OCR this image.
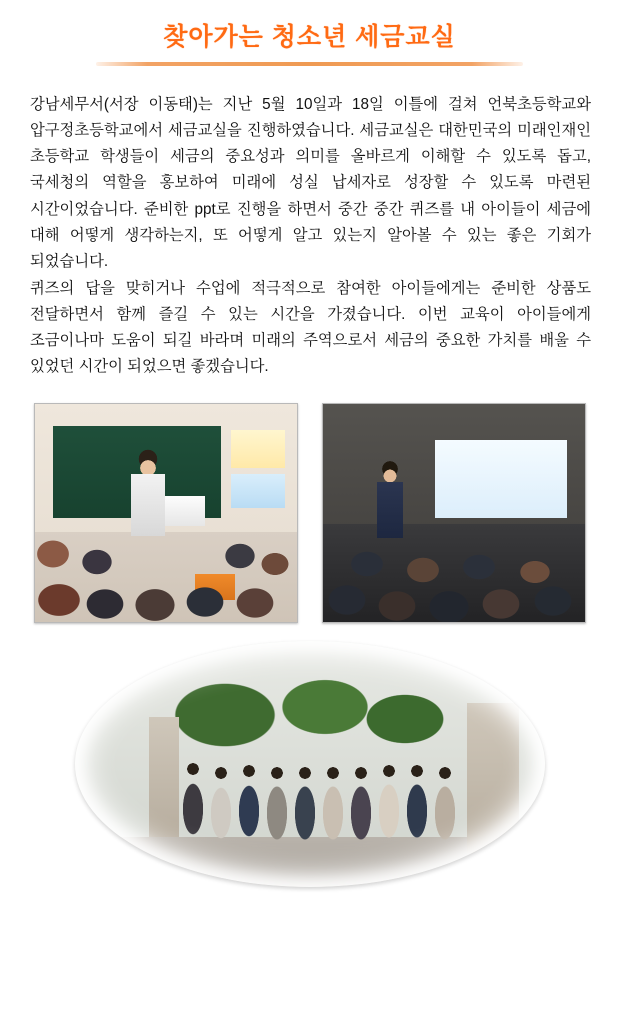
찾아가는 청소년 세금교실

강남세무서(서장 이동태)는 지난 5월 10일과 18일 이틀에 걸쳐 언북초등학교와 압구정초등학교에서 세금교실을 진행하였습니다. 세금교실은 대한민국의 미래인재인 초등학교 학생들이 세금의 중요성과 의미를 올바르게 이해할 수 있도록 돕고, 국세청의 역할을 홍보하여 미래에 성실 납세자로 성장할 수 있도록 마련된 시간이었습니다. 준비한 ppt로 진행을 하면서 중간 중간 퀴즈를 내 아이들이 세금에 대해 어떻게 생각하는지, 또 어떻게 알고 있는지 알아볼 수 있는 좋은 기회가 되었습니다.

퀴즈의 답을 맞히거나 수업에 적극적으로 참여한 아이들에게는 준비한 상품도 전달하면서 함께 즐길 수 있는 시간을 가졌습니다. 이번 교육이 아이들에게 조금이나마 도움이 되길 바라며 미래의 주역으로서 세금의 중요한 가치를 배울 수 있었던 시간이 되었으면 좋겠습니다.
